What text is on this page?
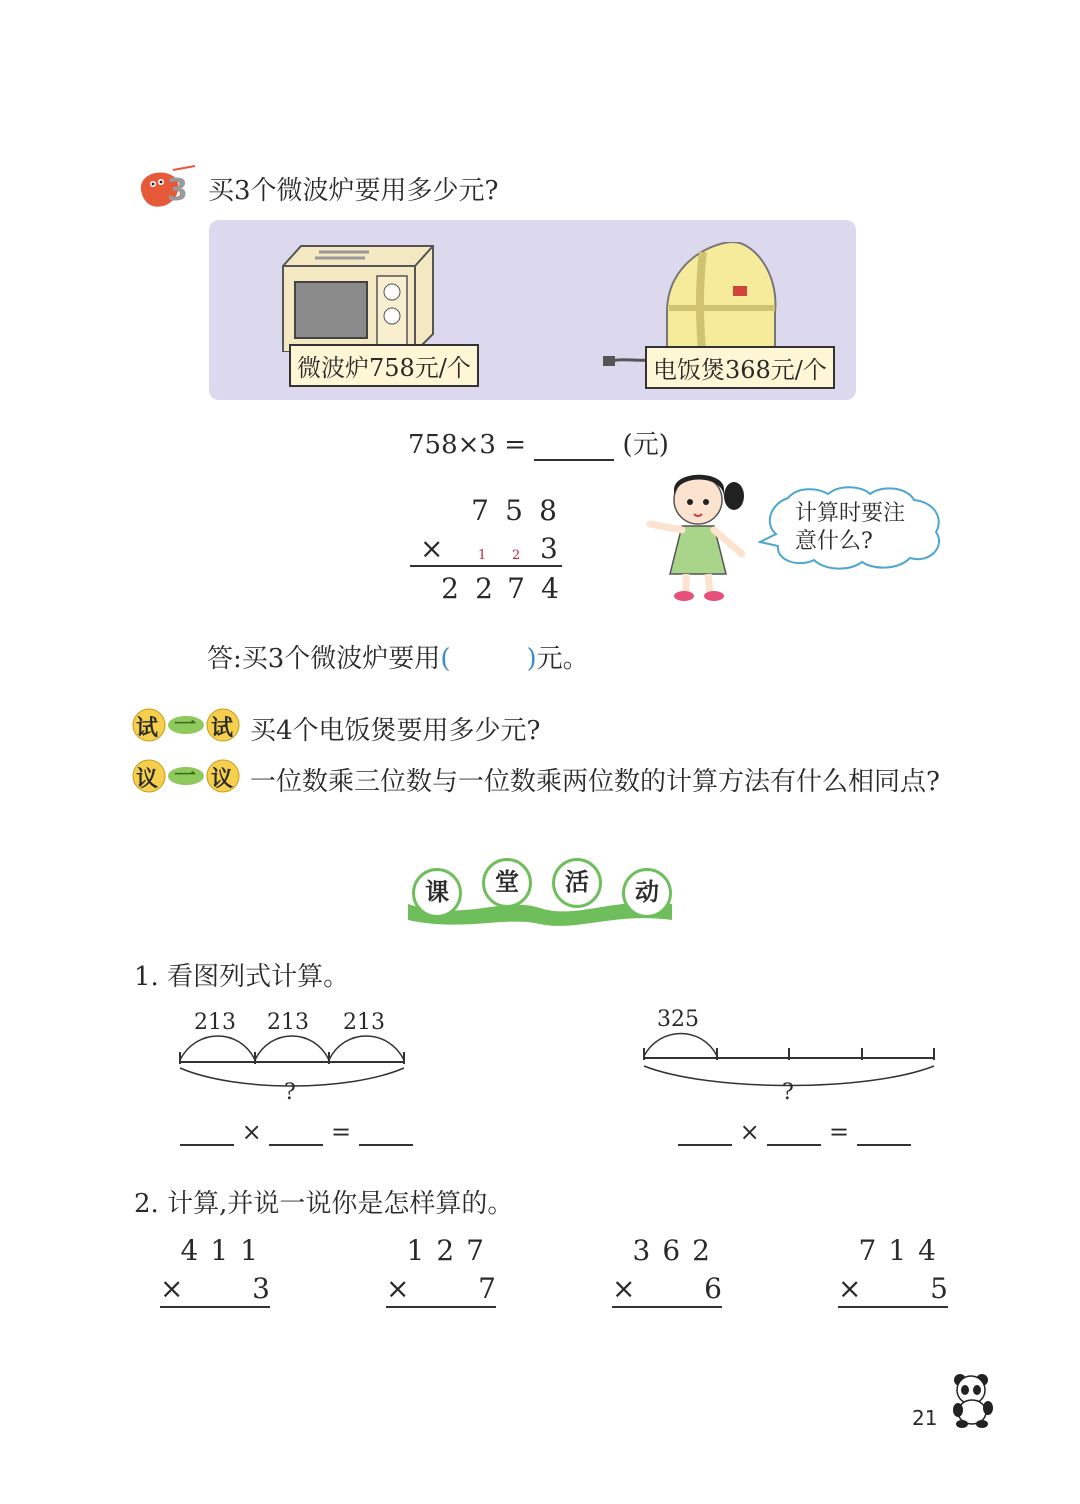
3 买3个微波炉要用多少元?
微波炉758元/个	电饭煲368元/个
758×3 =	(元)
7 5 8
×	1 2 3
2 2 7 4
计算时要注
意什么?
答:买3个微波炉要用(	)元。
试 一 试 买4个电饭煲要用多少元?
议 一 议 一位数乘三位数与一位数乘两位数的计算方法有什么相同点?
课	堂	活	动
1. 看图列式计算。
213 213 213
?
×	=
325
?
×	=
2. 计算,并说一说你是怎样算的。
411
× 3
127
× 7
362
× 6
714
× 5
21
